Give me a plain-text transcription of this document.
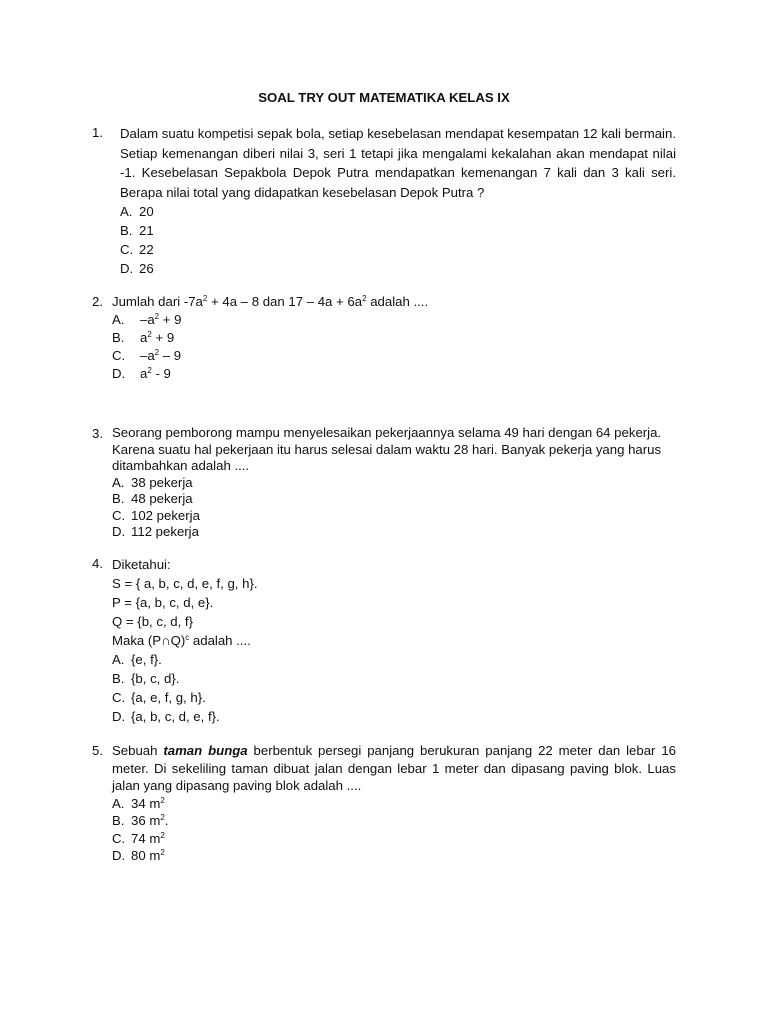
SOAL TRY OUT MATEMATIKA KELAS IX
1. Dalam suatu kompetisi sepak bola, setiap kesebelasan mendapat kesempatan 12 kali bermain. Setiap kemenangan diberi nilai 3, seri 1 tetapi jika mengalami kekalahan akan mendapat nilai -1. Kesebelasan Sepakbola Depok Putra mendapatkan kemenangan 7 kali dan 3 kali seri. Berapa nilai total yang didapatkan kesebelasan Depok Putra ?
A. 20
B. 21
C. 22
D. 26
2. Jumlah dari $-7a^2 + 4a - 8$ dan $17 - 4a + 6a^2$ adalah ....
A.	$-a^2 + 9$
B.	$a^2 + 9$
C.	$-a^2 - 9$
D.	$a^2 - 9$
3. Seorang pemborong mampu menyelesaikan pekerjaannya selama 49 hari dengan 64 pekerja. Karena suatu hal pekerjaan itu harus selesai dalam waktu 28 hari. Banyak pekerja yang harus ditambahkan adalah ....
A. 38 pekerja
B. 48 pekerja
C. 102 pekerja
D. 112 pekerja
4. Diketahui:
S = { a, b, c, d, e, f, g, h}.
P = {a, b, c, d, e}.
Q = {b, c, d, f}
Maka (P∩Q)$^c$ adalah ....
A. {e, f}.
B. {b, c, d}.
C. {a, e, f, g, h}.
D. {a, b, c, d, e, f}.
5. Sebuah taman bunga berbentuk persegi panjang berukuran panjang 22 meter dan lebar 16 meter. Di sekeliling taman dibuat jalan dengan lebar 1 meter dan dipasang paving blok. Luas jalan yang dipasang paving blok adalah ....
A. 34 $m^2$
B. 36 $m^2$.
C. 74 $m^2$
D. 80 $m^2$
